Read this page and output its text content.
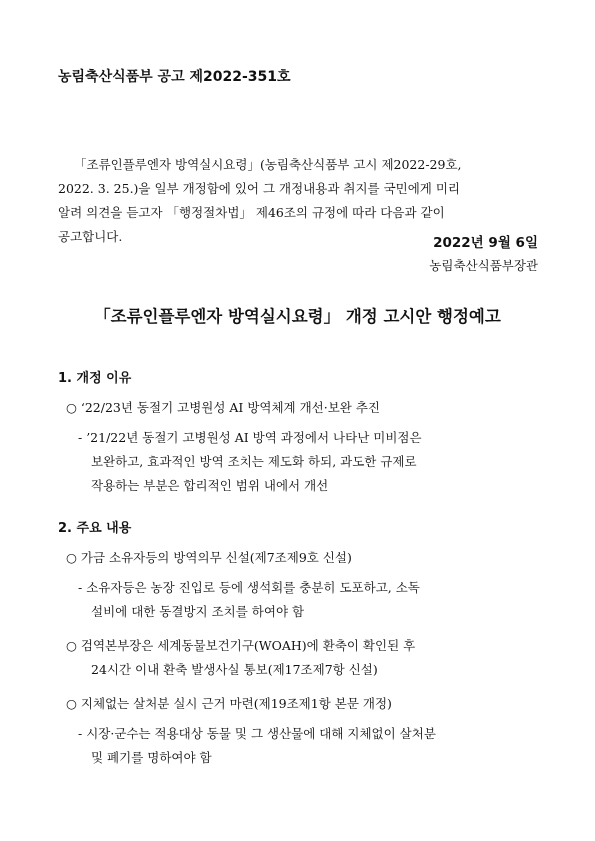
농림축산식품부 공고 제2022-351호
「조류인플루엔자 방역실시요령」(농림축산식품부 고시 제2022-29호,
2022. 3. 25.)을 일부 개정함에 있어 그 개정내용과 취지를 국민에게 미리
알려 의견을 듣고자 「행정절차법」 제46조의 규정에 따라 다음과 같이
공고합니다.	2022년 9월 6일
농림축산식품부장관
「조류인플루엔자 방역실시요령」 개정 고시안 행정예고
1. 개정 이유
○ ‘22/23년 동절기 고병원성 AI 방역체계 개선·보완 추진
- ’21/22년 동절기 고병원성 AI 방역 과정에서 나타난 미비점은
보완하고, 효과적인 방역 조치는 제도화 하되, 과도한 규제로
작용하는 부분은 합리적인 범위 내에서 개선
2. 주요 내용
○ 가금 소유자등의 방역의무 신설(제7조제9호 신설)
- 소유자등은 농장 진입로 등에 생석회를 충분히 도포하고, 소독
설비에 대한 동결방지 조치를 하여야 함
○ 검역본부장은 세계동물보건기구(WOAH)에 환축이 확인된 후
24시간 이내 환축 발생사실 통보(제17조제7항 신설)
○ 지체없는 살처분 실시 근거 마련(제19조제1항 본문 개정)
- 시장·군수는 적용대상 동물 및 그 생산물에 대해 지체없이 살처분
및 폐기를 명하여야 함
